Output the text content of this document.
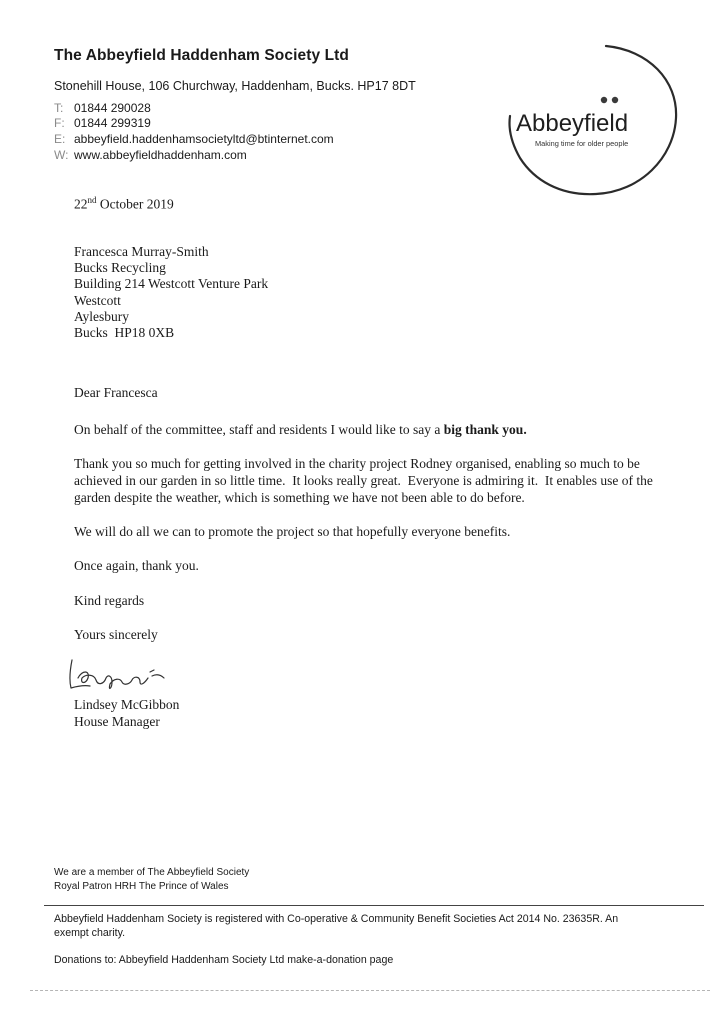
The Abbeyfield Haddenham Society Ltd
Stonehill House, 106 Churchway, Haddenham, Bucks. HP17 8DT
T: 01844 290028
F: 01844 299319
E: abbeyfield.haddenhamsocietyltd@btinternet.com
W: www.abbeyfieldhaddenham.com
Abbeyfield
Making time for older people
22nd October 2019
Francesca Murray-Smith
Bucks Recycling
Building 214 Westcott Venture Park
Westcott
Aylesbury
Bucks  HP18 0XB
Dear Francesca
On behalf of the committee, staff and residents I would like to say a big thank you.
Thank you so much for getting involved in the charity project Rodney organised, enabling so much to be achieved in our garden in so little time.  It looks really great.  Everyone is admiring it.  It enables use of the garden despite the weather, which is something we have not been able to do before.
We will do all we can to promote the project so that hopefully everyone benefits.
Once again, thank you.
Kind regards
Yours sincerely
Lindsey McGibbon
House Manager
We are a member of The Abbeyfield Society
Royal Patron HRH The Prince of Wales
Abbeyfield Haddenham Society is registered with Co-operative & Community Benefit Societies Act 2014 No. 23635R. An exempt charity.
Donations to: Abbeyfield Haddenham Society Ltd make-a-donation page
